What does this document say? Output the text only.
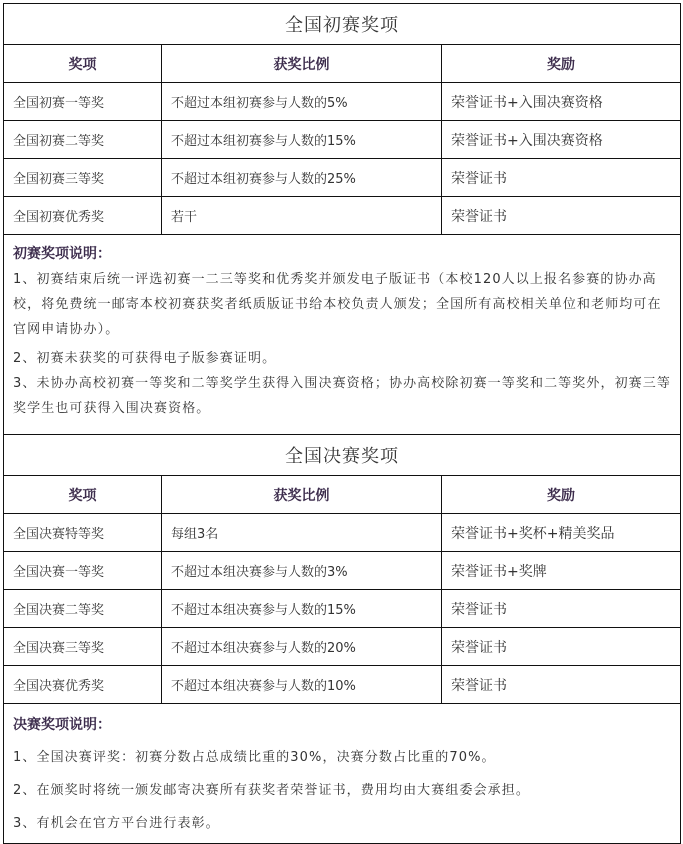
全国初赛奖项		
奖项	获奖比例	奖励
全国初赛一等奖	不超过本组初赛参与人数的5%	荣誉证书+入围决赛资格
全国初赛二等奖	不超过本组初赛参与人数的15%	荣誉证书+入围决赛资格
全国初赛三等奖	不超过本组初赛参与人数的25%	荣誉证书
全国初赛优秀奖	若干	荣誉证书

初赛奖项说明：

1、初赛结束后统一评选初赛一二三等奖和优秀奖并颁发电子版证书（本校120人以上报名参赛的协办高校，将免费统一邮寄本校初赛获奖者纸质版证书给本校负责人颁发；全国所有高校相关单位和老师均可在官网申请协办）。

2、初赛未获奖的可获得电子版参赛证明。

3、未协办高校初赛一等奖和二等奖学生获得入围决赛资格；协办高校除初赛一等奖和二等奖外，初赛三等奖学生也可获得入围决赛资格。		

全国决赛奖项		
奖项	获奖比例	奖励
全国决赛特等奖	每组3名	荣誉证书+奖杯+精美奖品
全国决赛一等奖	不超过本组决赛参与人数的3%	荣誉证书+奖牌
全国决赛二等奖	不超过本组决赛参与人数的15%	荣誉证书
全国决赛三等奖	不超过本组决赛参与人数的20%	荣誉证书
全国决赛优秀奖	不超过本组决赛参与人数的10%	荣誉证书

决赛奖项说明：

1、全国决赛评奖：初赛分数占总成绩比重的30%，决赛分数占比重的70%。

2、在颁奖时将统一颁发邮寄决赛所有获奖者荣誉证书，费用均由大赛组委会承担。

3、有机会在官方平台进行表彰。		
